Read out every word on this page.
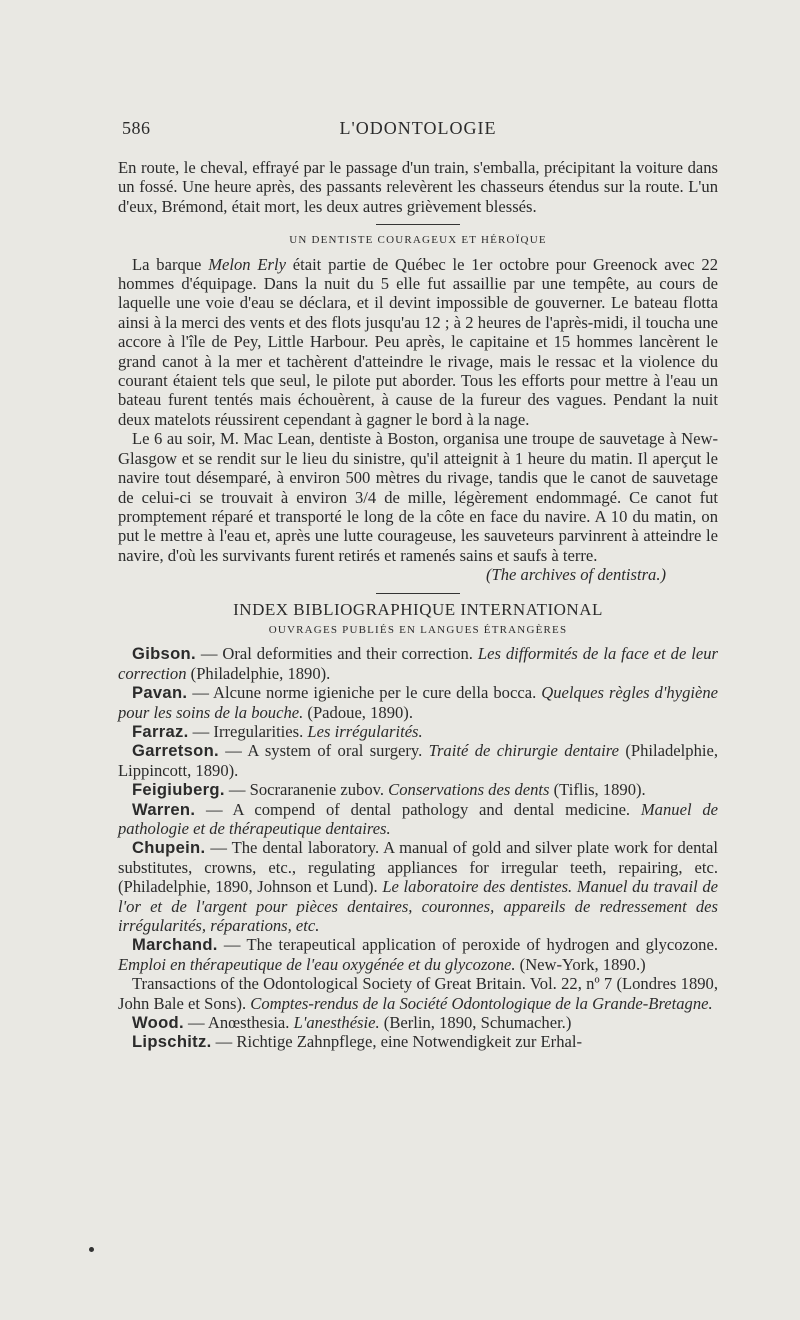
586	L'ODONTOLOGIE

En route, le cheval, effrayé par le passage d'un train, s'emballa, précipitant la voiture dans un fossé. Une heure après, des passants relevèrent les chasseurs étendus sur la route. L'un d'eux, Brémond, était mort, les deux autres grièvement blessés.

UN DENTISTE COURAGEUX ET HÉROÏQUE

La barque Melon Erly était partie de Québec le 1er octobre pour Greenock avec 22 hommes d'équipage. Dans la nuit du 5 elle fut assaillie par une tempête, au cours de laquelle une voie d'eau se déclara, et il devint impossible de gouverner. Le bateau flotta ainsi à la merci des vents et des flots jusqu'au 12 ; à 2 heures de l'après-midi, il toucha une accore à l'île de Pey, Little Harbour. Peu après, le capitaine et 15 hommes lancèrent le grand canot à la mer et tachèrent d'atteindre le rivage, mais le ressac et la violence du courant étaient tels que seul, le pilote put aborder. Tous les efforts pour mettre à l'eau un bateau furent tentés mais échouèrent, à cause de la fureur des vagues. Pendant la nuit deux matelots réussirent cependant à gagner le bord à la nage.

Le 6 au soir, M. Mac Lean, dentiste à Boston, organisa une troupe de sauvetage à New-Glasgow et se rendit sur le lieu du sinistre, qu'il atteignit à 1 heure du matin. Il aperçut le navire tout désemparé, à environ 500 mètres du rivage, tandis que le canot de sauvetage de celui-ci se trouvait à environ 3/4 de mille, légèrement endommagé. Ce canot fut promptement réparé et transporté le long de la côte en face du navire. A 10 du matin, on put le mettre à l'eau et, après une lutte courageuse, les sauveteurs parvinrent à atteindre le navire, d'où les survivants furent retirés et ramenés sains et saufs à terre.

(The archives of dentistra.)

INDEX BIBLIOGRAPHIQUE INTERNATIONAL
OUVRAGES PUBLIÉS EN LANGUES ÉTRANGÈRES

Gibson. — Oral deformities and their correction. Les difformités de la face et de leur correction (Philadelphie, 1890).

Pavan. — Alcune norme igieniche per le cure della bocca. Quelques règles d'hygiène pour les soins de la bouche. (Padoue, 1890).

Farraz. — Irregularities. Les irrégularités.

Garretson. — A system of oral surgery. Traité de chirurgie dentaire (Philadelphie, Lippincott, 1890).

Feigiuberg. — Socraranenie zubov. Conservations des dents (Tiflis, 1890).

Warren. — A compend of dental pathology and dental medicine. Manuel de pathologie et de thérapeutique dentaires.

Chupein. — The dental laboratory. A manual of gold and silver plate work for dental substitutes, crowns, etc., regulating appliances for irregular teeth, repairing, etc. (Philadelphie, 1890, Johnson et Lund). Le laboratoire des dentistes. Manuel du travail de l'or et de l'argent pour pièces dentaires, couronnes, appareils de redressement des irrégularités, réparations, etc.

Marchand. — The terapeutical application of peroxide of hydrogen and glycozone. Emploi en thérapeutique de l'eau oxygénée et du glycozone. (New-York, 1890.)

Transactions of the Odontological Society of Great Britain. Vol. 22, nº 7 (Londres 1890, John Bale et Sons). Comptes-rendus de la Société Odontologique de la Grande-Bretagne.

Wood. — Anœsthesia. L'anesthésie. (Berlin, 1890, Schumacher.)

Lipschitz. — Richtige Zahnpflege, eine Notwendigkeit zur Erhal-
